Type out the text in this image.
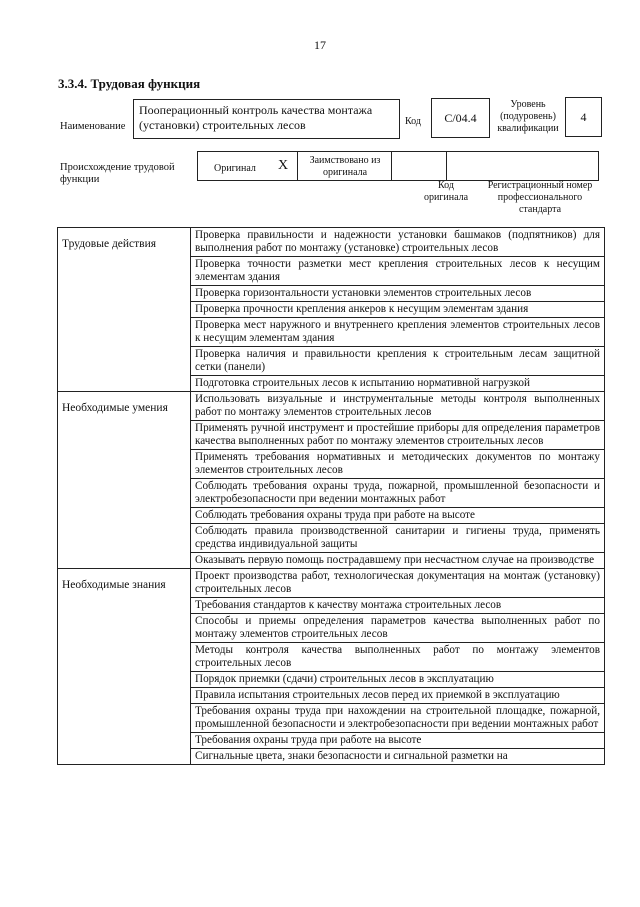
17
3.3.4. Трудовая функция
Наименование
Пооперационный контроль качества монтажа (установки) строительных лесов	Код	C/04.4
Уровень (подуровень) квалификации
4
Происхождение трудовой функции
Оригинал X	Заимствовано из оригинала
Код оригинала
Регистрационный номер профессионального стандарта
Трудовые действия	Проверка правильности и надежности установки башмаков (подпятников) для выполнения работ по монтажу (установке) строительных лесов
	Проверка точности разметки мест крепления строительных лесов к несущим элементам здания
	Проверка горизонтальности установки элементов строительных лесов
	Проверка прочности крепления анкеров к несущим элементам здания
	Проверка мест наружного и внутреннего крепления элементов строительных лесов к несущим элементам здания
	Проверка наличия и правильности крепления к строительным лесам защитной сетки (панели)
	Подготовка строительных лесов к испытанию нормативной нагрузкой
Необходимые умения	Использовать визуальные и инструментальные методы контроля выполненных работ по монтажу элементов строительных лесов
	Применять ручной инструмент и простейшие приборы для определения параметров качества выполненных работ по монтажу элементов строительных лесов
	Применять требования нормативных и методических документов по монтажу элементов строительных лесов
	Соблюдать требования охраны труда, пожарной, промышленной безопасности и электробезопасности при ведении монтажных работ
	Соблюдать требования охраны труда при работе на высоте
	Соблюдать правила производственной санитарии и гигиены труда, применять средства индивидуальной защиты
	Оказывать первую помощь пострадавшему при несчастном случае на производстве
Необходимые знания	Проект производства работ, технологическая документация на монтаж (установку) строительных лесов
	Требования стандартов к качеству монтажа строительных лесов
	Способы и приемы определения параметров качества выполненных работ по монтажу элементов строительных лесов
	Методы контроля качества выполненных работ по монтажу элементов строительных лесов
	Порядок приемки (сдачи) строительных лесов в эксплуатацию
	Правила испытания строительных лесов перед их приемкой в эксплуатацию
	Требования охраны труда при нахождении на строительной площадке, пожарной, промышленной безопасности и электробезопасности при ведении монтажных работ
	Требования охраны труда при работе на высоте
	Сигнальные цвета, знаки безопасности и сигнальной разметки на
